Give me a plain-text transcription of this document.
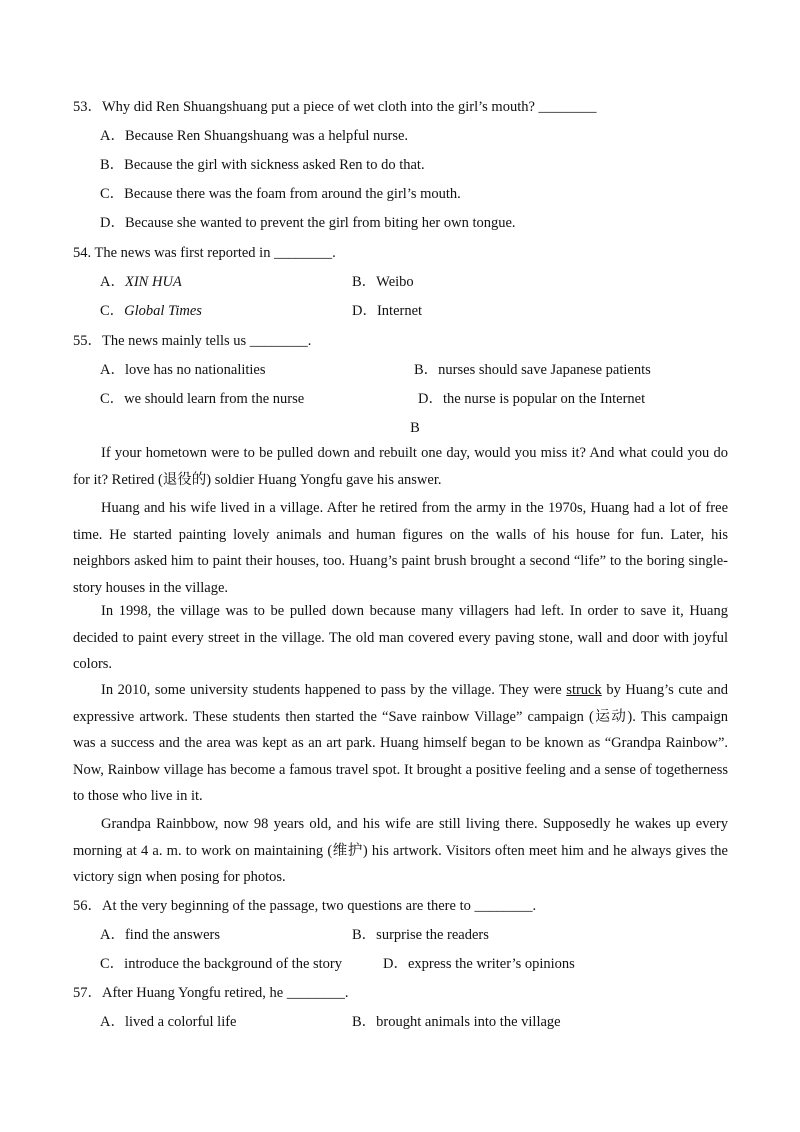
53．Why did Ren Shuangshuang put a piece of wet cloth into the girl’s mouth? ________
A．Because Ren Shuangshuang was a helpful nurse.
B．Because the girl with sickness asked Ren to do that.
C．Because there was the foam from around the girl’s mouth.
D．Because she wanted to prevent the girl from biting her own tongue.
54. The news was first reported in ________.
A．XIN HUA	B．Weibo
C．Global Times	D．Internet
55．The news mainly tells us ________.
A．love has no nationalities	B．nurses should save Japanese patients
C．we should learn from the nurse	D．the nurse is popular on the Internet
B
If your hometown were to be pulled down and rebuilt one day, would you miss it? And what could you do for it? Retired (退役的) soldier Huang Yongfu gave his answer.
Huang and his wife lived in a village. After he retired from the army in the 1970s, Huang had a lot of free time. He started painting lovely animals and human figures on the walls of his house for fun. Later, his neighbors asked him to paint their houses, too. Huang’s paint brush brought a second “life” to the boring single-story houses in the village.
In 1998, the village was to be pulled down because many villagers had left. In order to save it, Huang decided to paint every street in the village. The old man covered every paving stone, wall and door with joyful colors.
In 2010, some university students happened to pass by the village. They were struck by Huang’s cute and expressive artwork. These students then started the “Save rainbow Village” campaign (运动). This campaign was a success and the area was kept as an art park. Huang himself began to be known as “Grandpa Rainbow”. Now, Rainbow village has become a famous travel spot. It brought a positive feeling and a sense of togetherness to those who live in it.
Grandpa Rainbbow, now 98 years old, and his wife are still living there. Supposedly he wakes up every morning at 4 a. m. to work on maintaining (维护) his artwork. Visitors often meet him and he always gives the victory sign when posing for photos.
56．At the very beginning of the passage, two questions are there to ________.
A．find the answers	B．surprise the readers
C．introduce the background of the story	D．express the writer’s opinions
57．After Huang Yongfu retired, he ________.
A．lived a colorful life	B．brought animals into the village
